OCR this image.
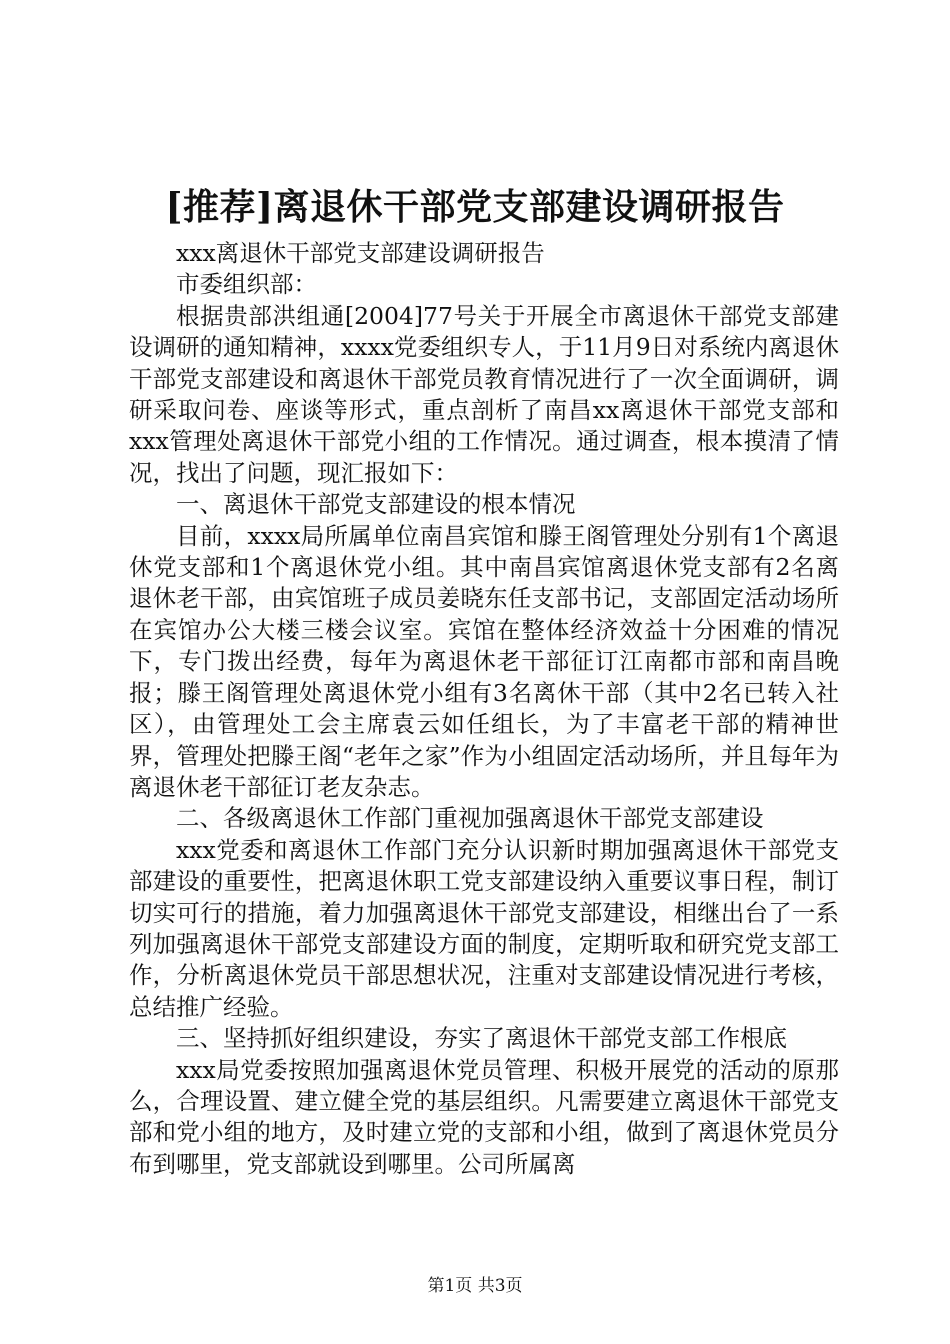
[推荐]离退休干部党支部建设调研报告

xxx离退休干部党支部建设调研报告

市委组织部：

根据贵部洪组通[2004]77号关于开展全市离退休干部党支部建设调研的通知精神，xxxx党委组织专人，于11月9日对系统内离退休干部党支部建设和离退休干部党员教育情况进行了一次全面调研，调研采取问卷、座谈等形式，重点剖析了南昌xx离退休干部党支部和xxx管理处离退休干部党小组的工作情况。通过调查，根本摸清了情况，找出了问题，现汇报如下：

一、离退休干部党支部建设的根本情况

目前，xxxx局所属单位南昌宾馆和滕王阁管理处分别有1个离退休党支部和1个离退休党小组。其中南昌宾馆离退休党支部有2名离退休老干部，由宾馆班子成员姜晓东任支部书记，支部固定活动场所在宾馆办公大楼三楼会议室。宾馆在整体经济效益十分困难的情况下，专门拨出经费，每年为离退休老干部征订江南都市部和南昌晚报；滕王阁管理处离退休党小组有3名离休干部（其中2名已转入社区），由管理处工会主席袁云如任组长，为了丰富老干部的精神世界，管理处把滕王阁“老年之家”作为小组固定活动场所，并且每年为离退休老干部征订老友杂志。

二、各级离退休工作部门重视加强离退休干部党支部建设

xxx党委和离退休工作部门充分认识新时期加强离退休干部党支部建设的重要性，把离退休职工党支部建设纳入重要议事日程，制订切实可行的措施，着力加强离退休干部党支部建设，相继出台了一系列加强离退休干部党支部建设方面的制度，定期听取和研究党支部工作，分析离退休党员干部思想状况，注重对支部建设情况进行考核，总结推广经验。

三、坚持抓好组织建设，夯实了离退休干部党支部工作根底

xxx局党委按照加强离退休党员管理、积极开展党的活动的原那么，合理设置、建立健全党的基层组织。凡需要建立离退休干部党支部和党小组的地方，及时建立党的支部和小组，做到了离退休党员分布到哪里，党支部就设到哪里。公司所属离

第1页 共3页
